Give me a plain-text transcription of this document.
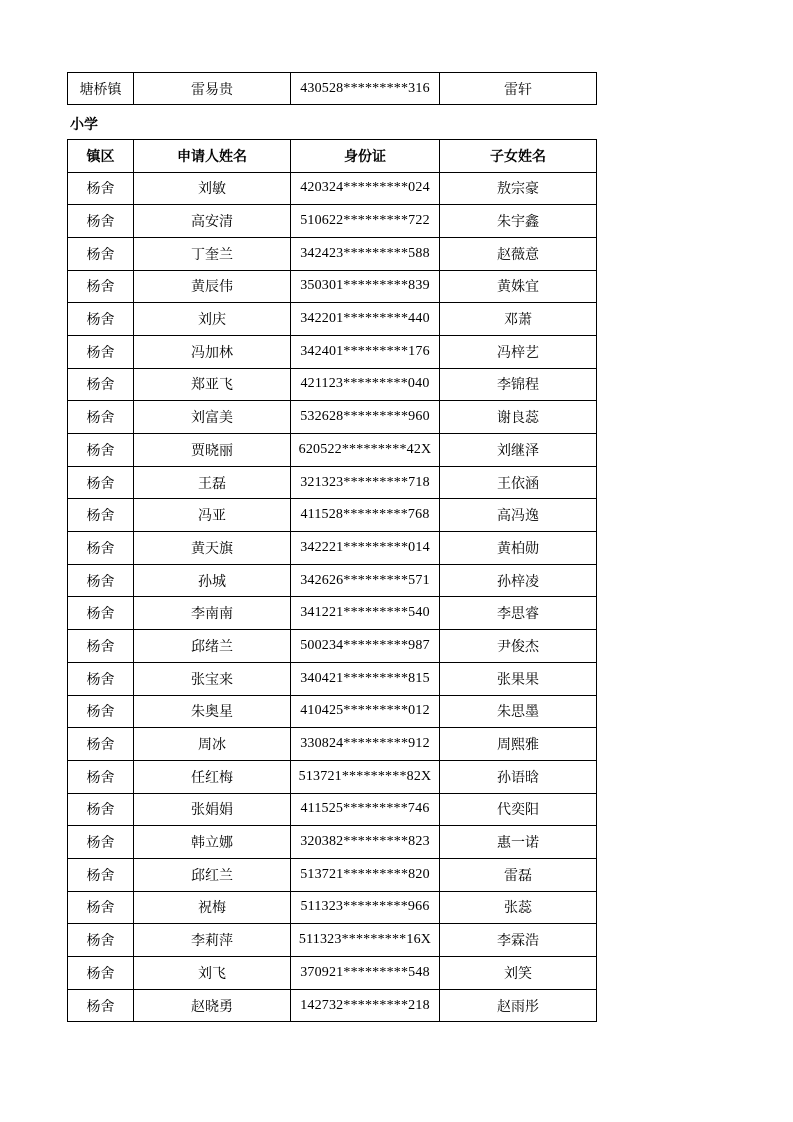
塘桥镇	雷易贵	430528*********316	雷轩
小学
镇区	申请人姓名	身份证	子女姓名
杨舍	刘敏	420324*********024	敖宗豪
杨舍	高安清	510622*********722	朱宇鑫
杨舍	丁奎兰	342423*********588	赵薇意
杨舍	黄辰伟	350301*********839	黄姝宜
杨舍	刘庆	342201*********440	邓萧
杨舍	冯加林	342401*********176	冯梓艺
杨舍	郑亚飞	421123*********040	李锦程
杨舍	刘富美	532628*********960	谢良蕊
杨舍	贾晓丽	620522*********42X	刘继泽
杨舍	王磊	321323*********718	王依涵
杨舍	冯亚	411528*********768	高冯逸
杨舍	黄天旗	342221*********014	黄柏勋
杨舍	孙城	342626*********571	孙梓凌
杨舍	李南南	341221*********540	李思睿
杨舍	邱绪兰	500234*********987	尹俊杰
杨舍	张宝来	340421*********815	张果果
杨舍	朱奥星	410425*********012	朱思墨
杨舍	周冰	330824*********912	周熙雅
杨舍	任红梅	513721*********82X	孙语晗
杨舍	张娟娟	411525*********746	代奕阳
杨舍	韩立娜	320382*********823	惠一诺
杨舍	邱红兰	513721*********820	雷磊
杨舍	祝梅	511323*********966	张蕊
杨舍	李莉萍	511323*********16X	李霖浩
杨舍	刘飞	370921*********548	刘笑
杨舍	赵晓勇	142732*********218	赵雨彤
